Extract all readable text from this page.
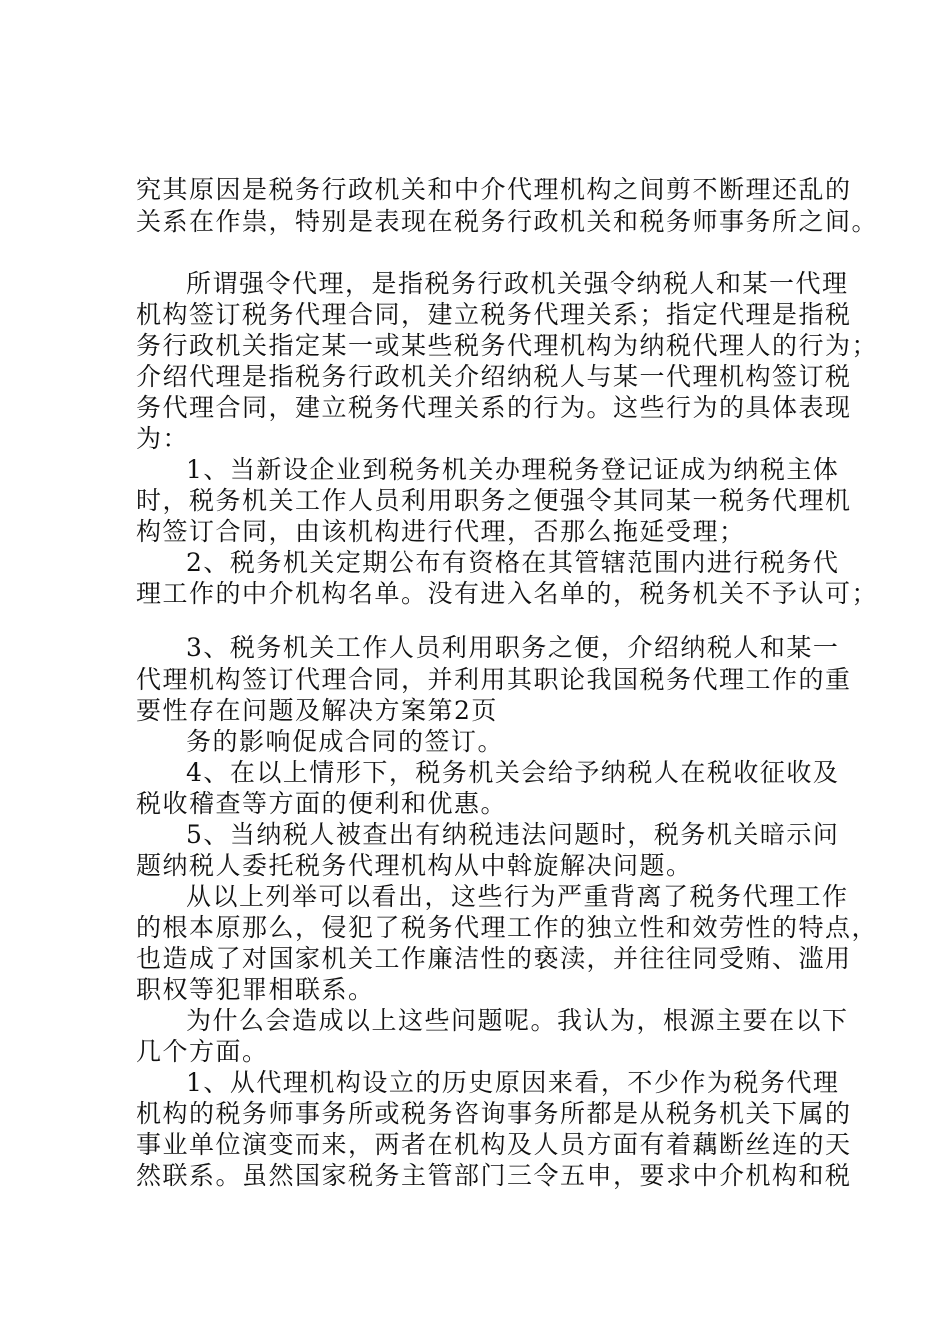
究其原因是税务行政机关和中介代理机构之间剪不断理还乱的
关系在作祟，特别是表现在税务行政机关和税务师事务所之间。
所谓强令代理，是指税务行政机关强令纳税人和某一代理
机构签订税务代理合同，建立税务代理关系；指定代理是指税
务行政机关指定某一或某些税务代理机构为纳税代理人的行为；
介绍代理是指税务行政机关介绍纳税人与某一代理机构签订税
务代理合同，建立税务代理关系的行为。这些行为的具体表现
为：
1、当新设企业到税务机关办理税务登记证成为纳税主体
时，税务机关工作人员利用职务之便强令其同某一税务代理机
构签订合同，由该机构进行代理，否那么拖延受理；
2、税务机关定期公布有资格在其管辖范围内进行税务代
理工作的中介机构名单。没有进入名单的，税务机关不予认可；
3、税务机关工作人员利用职务之便，介绍纳税人和某一
代理机构签订代理合同，并利用其职论我国税务代理工作的重
要性存在问题及解决方案第2页
务的影响促成合同的签订。
4、在以上情形下，税务机关会给予纳税人在税收征收及
税收稽查等方面的便利和优惠。
5、当纳税人被查出有纳税违法问题时，税务机关暗示问
题纳税人委托税务代理机构从中斡旋解决问题。
从以上列举可以看出，这些行为严重背离了税务代理工作
的根本原那么，侵犯了税务代理工作的独立性和效劳性的特点，
也造成了对国家机关工作廉洁性的亵渎，并往往同受贿、滥用
职权等犯罪相联系。
为什么会造成以上这些问题呢。我认为，根源主要在以下
几个方面。
1、从代理机构设立的历史原因来看，不少作为税务代理
机构的税务师事务所或税务咨询事务所都是从税务机关下属的
事业单位演变而来，两者在机构及人员方面有着藕断丝连的天
然联系。虽然国家税务主管部门三令五申，要求中介机构和税
